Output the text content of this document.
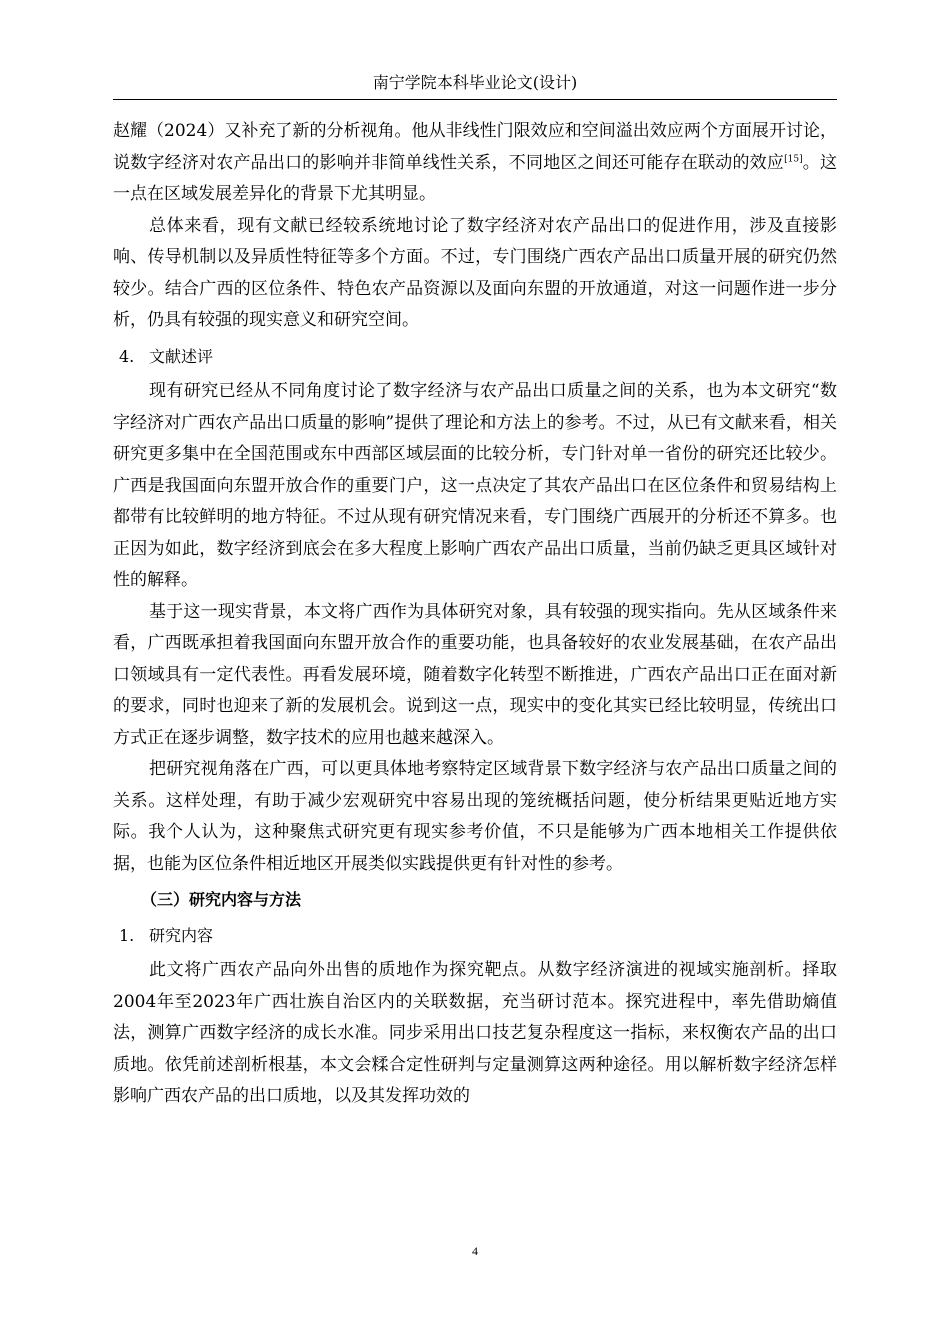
南宁学院本科毕业论文(设计)

赵耀（2024）又补充了新的分析视角。他从非线性门限效应和空间溢出效应两个方面展开讨论，说数字经济对农产品出口的影响并非简单线性关系，不同地区之间还可能存在联动的效应[15]。这一点在区域发展差异化的背景下尤其明显。

总体来看，现有文献已经较系统地讨论了数字经济对农产品出口的促进作用，涉及直接影响、传导机制以及异质性特征等多个方面。不过，专门围绕广西农产品出口质量开展的研究仍然较少。结合广西的区位条件、特色农产品资源以及面向东盟的开放通道，对这一问题作进一步分析，仍具有较强的现实意义和研究空间。

4. 文献述评

现有研究已经从不同角度讨论了数字经济与农产品出口质量之间的关系，也为本文研究“数字经济对广西农产品出口质量的影响”提供了理论和方法上的参考。不过，从已有文献来看，相关研究更多集中在全国范围或东中西部区域层面的比较分析，专门针对单一省份的研究还比较少。广西是我国面向东盟开放合作的重要门户，这一点决定了其农产品出口在区位条件和贸易结构上都带有比较鲜明的地方特征。不过从现有研究情况来看，专门围绕广西展开的分析还不算多。也正因为如此，数字经济到底会在多大程度上影响广西农产品出口质量，当前仍缺乏更具区域针对性的解释。

基于这一现实背景，本文将广西作为具体研究对象，具有较强的现实指向。先从区域条件来看，广西既承担着我国面向东盟开放合作的重要功能，也具备较好的农业发展基础，在农产品出口领域具有一定代表性。再看发展环境，随着数字化转型不断推进，广西农产品出口正在面对新的要求，同时也迎来了新的发展机会。说到这一点，现实中的变化其实已经比较明显，传统出口方式正在逐步调整，数字技术的应用也越来越深入。

把研究视角落在广西，可以更具体地考察特定区域背景下数字经济与农产品出口质量之间的关系。这样处理，有助于减少宏观研究中容易出现的笼统概括问题，使分析结果更贴近地方实际。我个人认为，这种聚焦式研究更有现实参考价值，不只是能够为广西本地相关工作提供依据，也能为区位条件相近地区开展类似实践提供更有针对性的参考。

（三）研究内容与方法
1. 研究内容

此文将广西农产品向外出售的质地作为探究靶点。从数字经济演进的视域实施剖析。择取2004年至2023年广西壮族自治区内的关联数据，充当研讨范本。探究进程中，率先借助熵值法，测算广西数字经济的成长水准。同步采用出口技艺复杂程度这一指标，来权衡农产品的出口质地。依凭前述剖析根基，本文会糅合定性研判与定量测算这两种途径。用以解析数字经济怎样影响广西农产品的出口质地，以及其发挥功效的

4
